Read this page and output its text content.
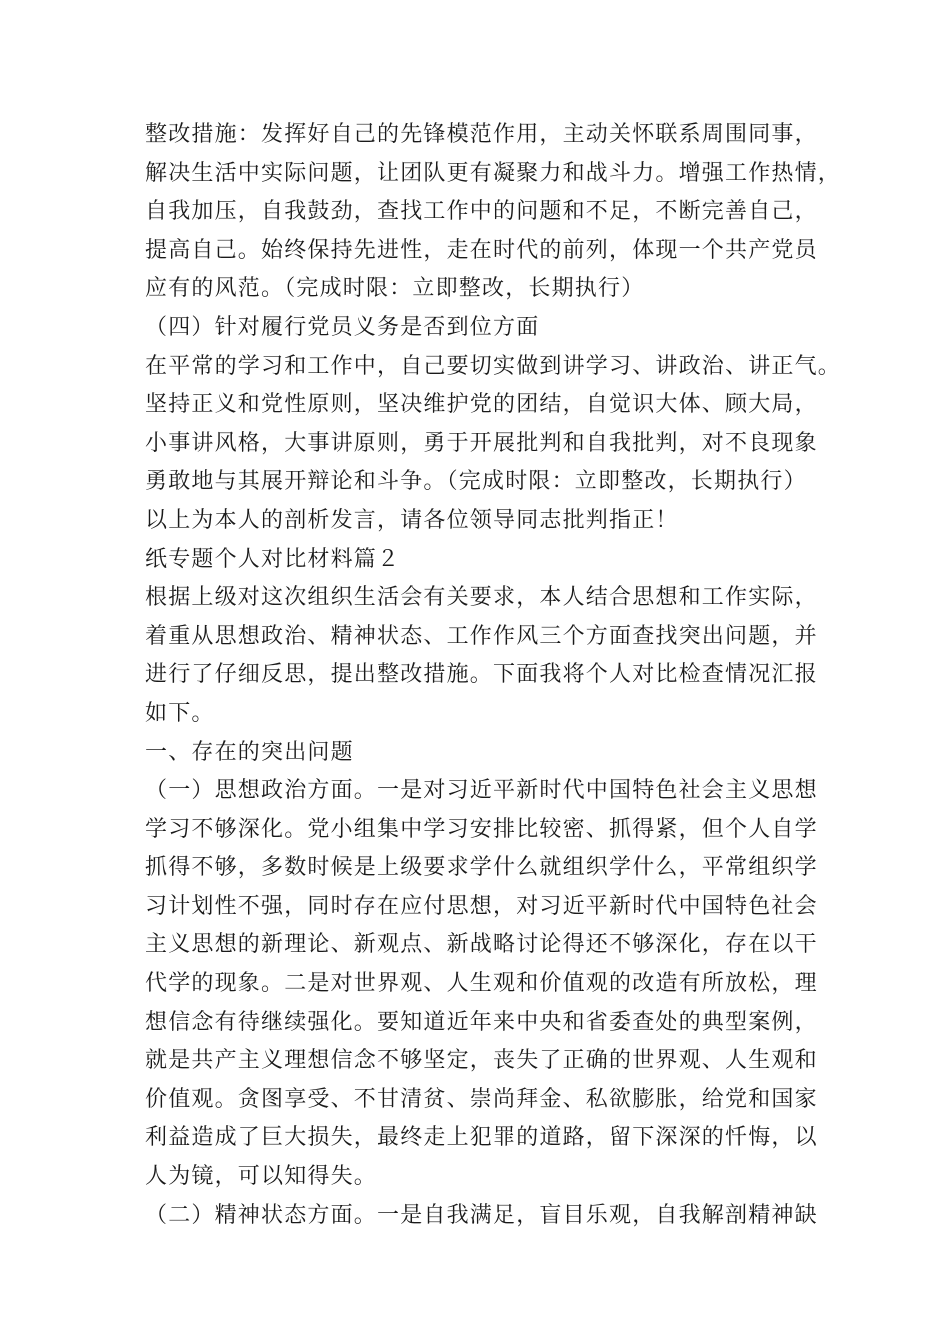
整改措施：发挥好自己的先锋模范作用，主动关怀联系周围同事，
解决生活中实际问题，让团队更有凝聚力和战斗力。增强工作热情，
自我加压，自我鼓劲，查找工作中的问题和不足，不断完善自己，
提高自己。始终保持先进性，走在时代的前列，体现一个共产党员
应有的风范。（完成时限：立即整改，长期执行）
（四）针对履行党员义务是否到位方面
在平常的学习和工作中，自己要切实做到讲学习、讲政治、讲正气。
坚持正义和党性原则，坚决维护党的团结，自觉识大体、顾大局，
小事讲风格，大事讲原则，勇于开展批判和自我批判，对不良现象
勇敢地与其展开辩论和斗争。（完成时限：立即整改，长期执行）
以上为本人的剖析发言，请各位领导同志批判指正！
纸专题个人对比材料篇２
根据上级对这次组织生活会有关要求，本人结合思想和工作实际，
着重从思想政治、精神状态、工作作风三个方面查找突出问题，并
进行了仔细反思，提出整改措施。下面我将个人对比检查情况汇报
如下。
一、存在的突出问题
（一）思想政治方面。一是对习近平新时代中国特色社会主义思想
学习不够深化。党小组集中学习安排比较密、抓得紧，但个人自学
抓得不够，多数时候是上级要求学什么就组织学什么，平常组织学
习计划性不强，同时存在应付思想，对习近平新时代中国特色社会
主义思想的新理论、新观点、新战略讨论得还不够深化，存在以干
代学的现象。二是对世界观、人生观和价值观的改造有所放松，理
想信念有待继续强化。要知道近年来中央和省委查处的典型案例，
就是共产主义理想信念不够坚定，丧失了正确的世界观、人生观和
价值观。贪图享受、不甘清贫、崇尚拜金、私欲膨胀，给党和国家
利益造成了巨大损失，最终走上犯罪的道路，留下深深的忏悔，以
人为镜，可以知得失。
（二）精神状态方面。一是自我满足，盲目乐观，自我解剖精神缺
